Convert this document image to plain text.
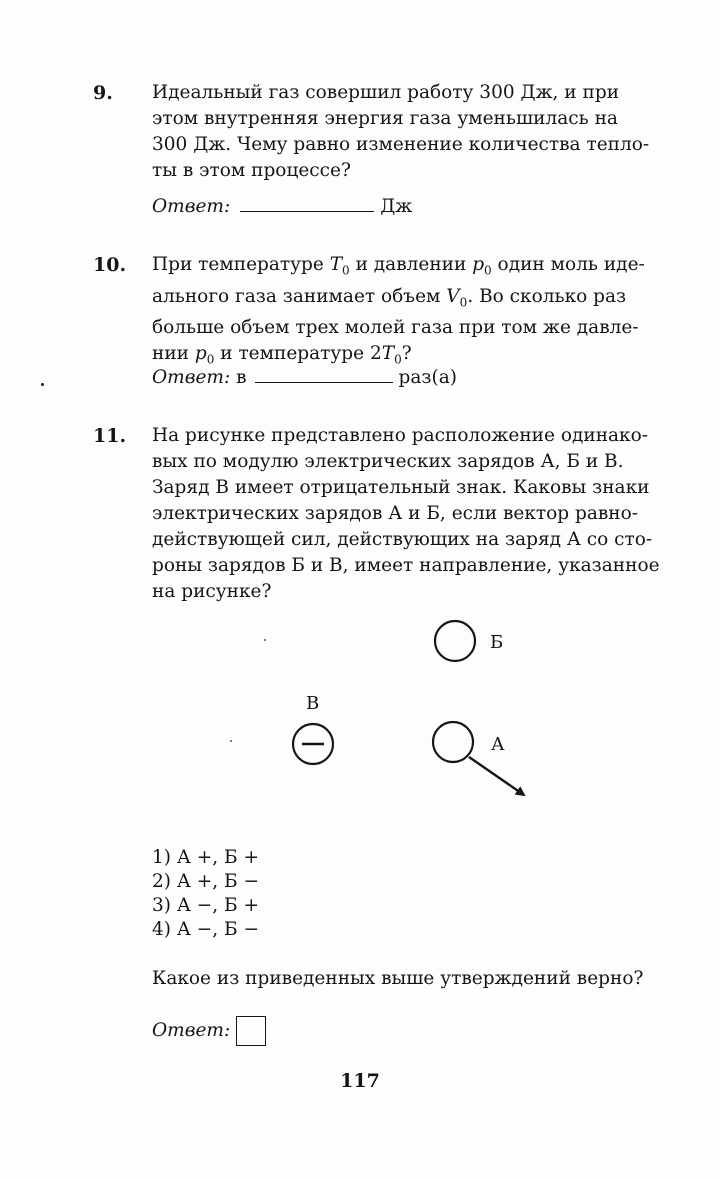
9. Идеальный газ совершил работу 300 Дж, и при
этом внутренняя энергия газа уменьшилась на
300 Дж. Чему равно изменение количества тепло-
ты в этом процессе?
Ответ:	Дж
10. При температуре $T_0$ и давлении $p_0$ один моль иде-
ального газа занимает объем $V_0$. Во сколько раз
больше объем трех молей газа при том же давле-
нии $p_0$ и температуре $2T_0$?
Ответ: в	раз(а)
11. На рисунке представлено расположение одинако-
вых по модулю электрических зарядов А, Б и В.
Заряд В имеет отрицательный знак. Каковы знаки
электрических зарядов А и Б, если вектор равно-
действующей сил, действующих на заряд А со сто-
роны зарядов Б и В, имеет направление, указанное
на рисунке?
Б
В
А
1) А +, Б +
2) А +, Б −
3) А −, Б +
4) А −, Б −
Какое из приведенных выше утверждений верно?
Ответ:
117
